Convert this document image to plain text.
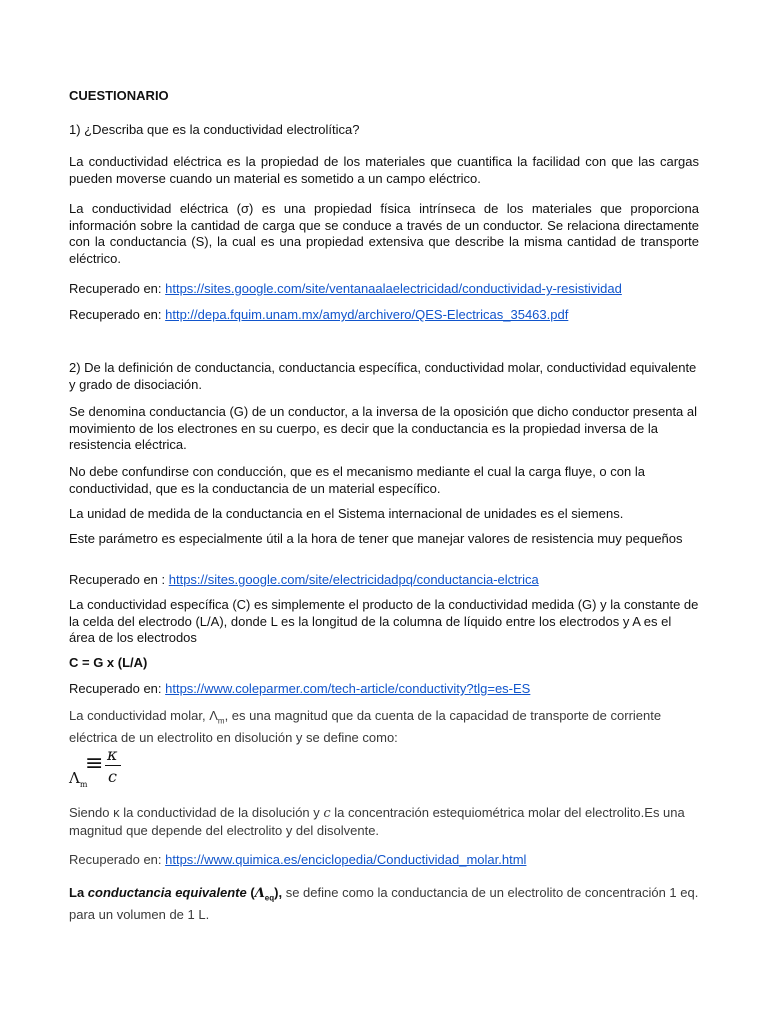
CUESTIONARIO
1) ¿Describa que es la conductividad electrolítica?
La conductividad eléctrica es la propiedad de los materiales que cuantifica la facilidad con que las cargas pueden moverse cuando un material es sometido a un campo eléctrico.
La conductividad eléctrica (σ) es una propiedad física intrínseca de los materiales que proporciona información sobre la cantidad de carga que se conduce a través de un conductor. Se relaciona directamente con la conductancia (S), la cual es una propiedad extensiva que describe la misma cantidad de transporte eléctrico.
Recuperado en: https://sites.google.com/site/ventanaalaelectricidad/conductividad-y-resistividad
Recuperado en: http://depa.fquim.unam.mx/amyd/archivero/QES-Electricas_35463.pdf
2) De la definición de conductancia, conductancia específica, conductividad molar, conductividad equivalente y grado de disociación.
Se denomina conductancia (G) de un conductor, a la inversa de la oposición que dicho conductor presenta al movimiento de los electrones en su cuerpo, es decir que la conductancia es la propiedad inversa de la resistencia eléctrica.
No debe confundirse con conducción, que es el mecanismo mediante el cual la carga fluye, o con la conductividad, que es la conductancia de un material específico.
La unidad de medida de la conductancia en el Sistema internacional de unidades es el siemens.
Este parámetro es especialmente útil a la hora de tener que manejar valores de resistencia muy pequeños
Recuperado en : https://sites.google.com/site/electricidadpq/conductancia-elctrica
La conductividad específica (C) es simplemente el producto de la conductividad medida (G) y la constante de la celda del electrodo (L/A), donde L es la longitud de la columna de líquido entre los electrodos y A es el área de los electrodos
C = G x (L/A)
Recuperado en: https://www.coleparmer.com/tech-article/conductivity?tlg=es-ES
La conductividad molar, $\Lambda_m$, es una magnitud que da cuenta de la capacidad de transporte de corriente eléctrica de un electrolito en disolución y se define como:
$\Lambda_m$
≡ κ
c
Siendo κ la conductividad de la disolución y c la concentración estequiométrica molar del electrolito.Es una magnitud que depende del electrolito y del disolvente.
Recuperado en: https://www.quimica.es/enciclopedia/Conductividad_molar.html
La conductancia equivalente $(\Lambda_{eq})$, se define como la conductancia de un electrolito de concentración 1 eq. para un volumen de 1 L.
